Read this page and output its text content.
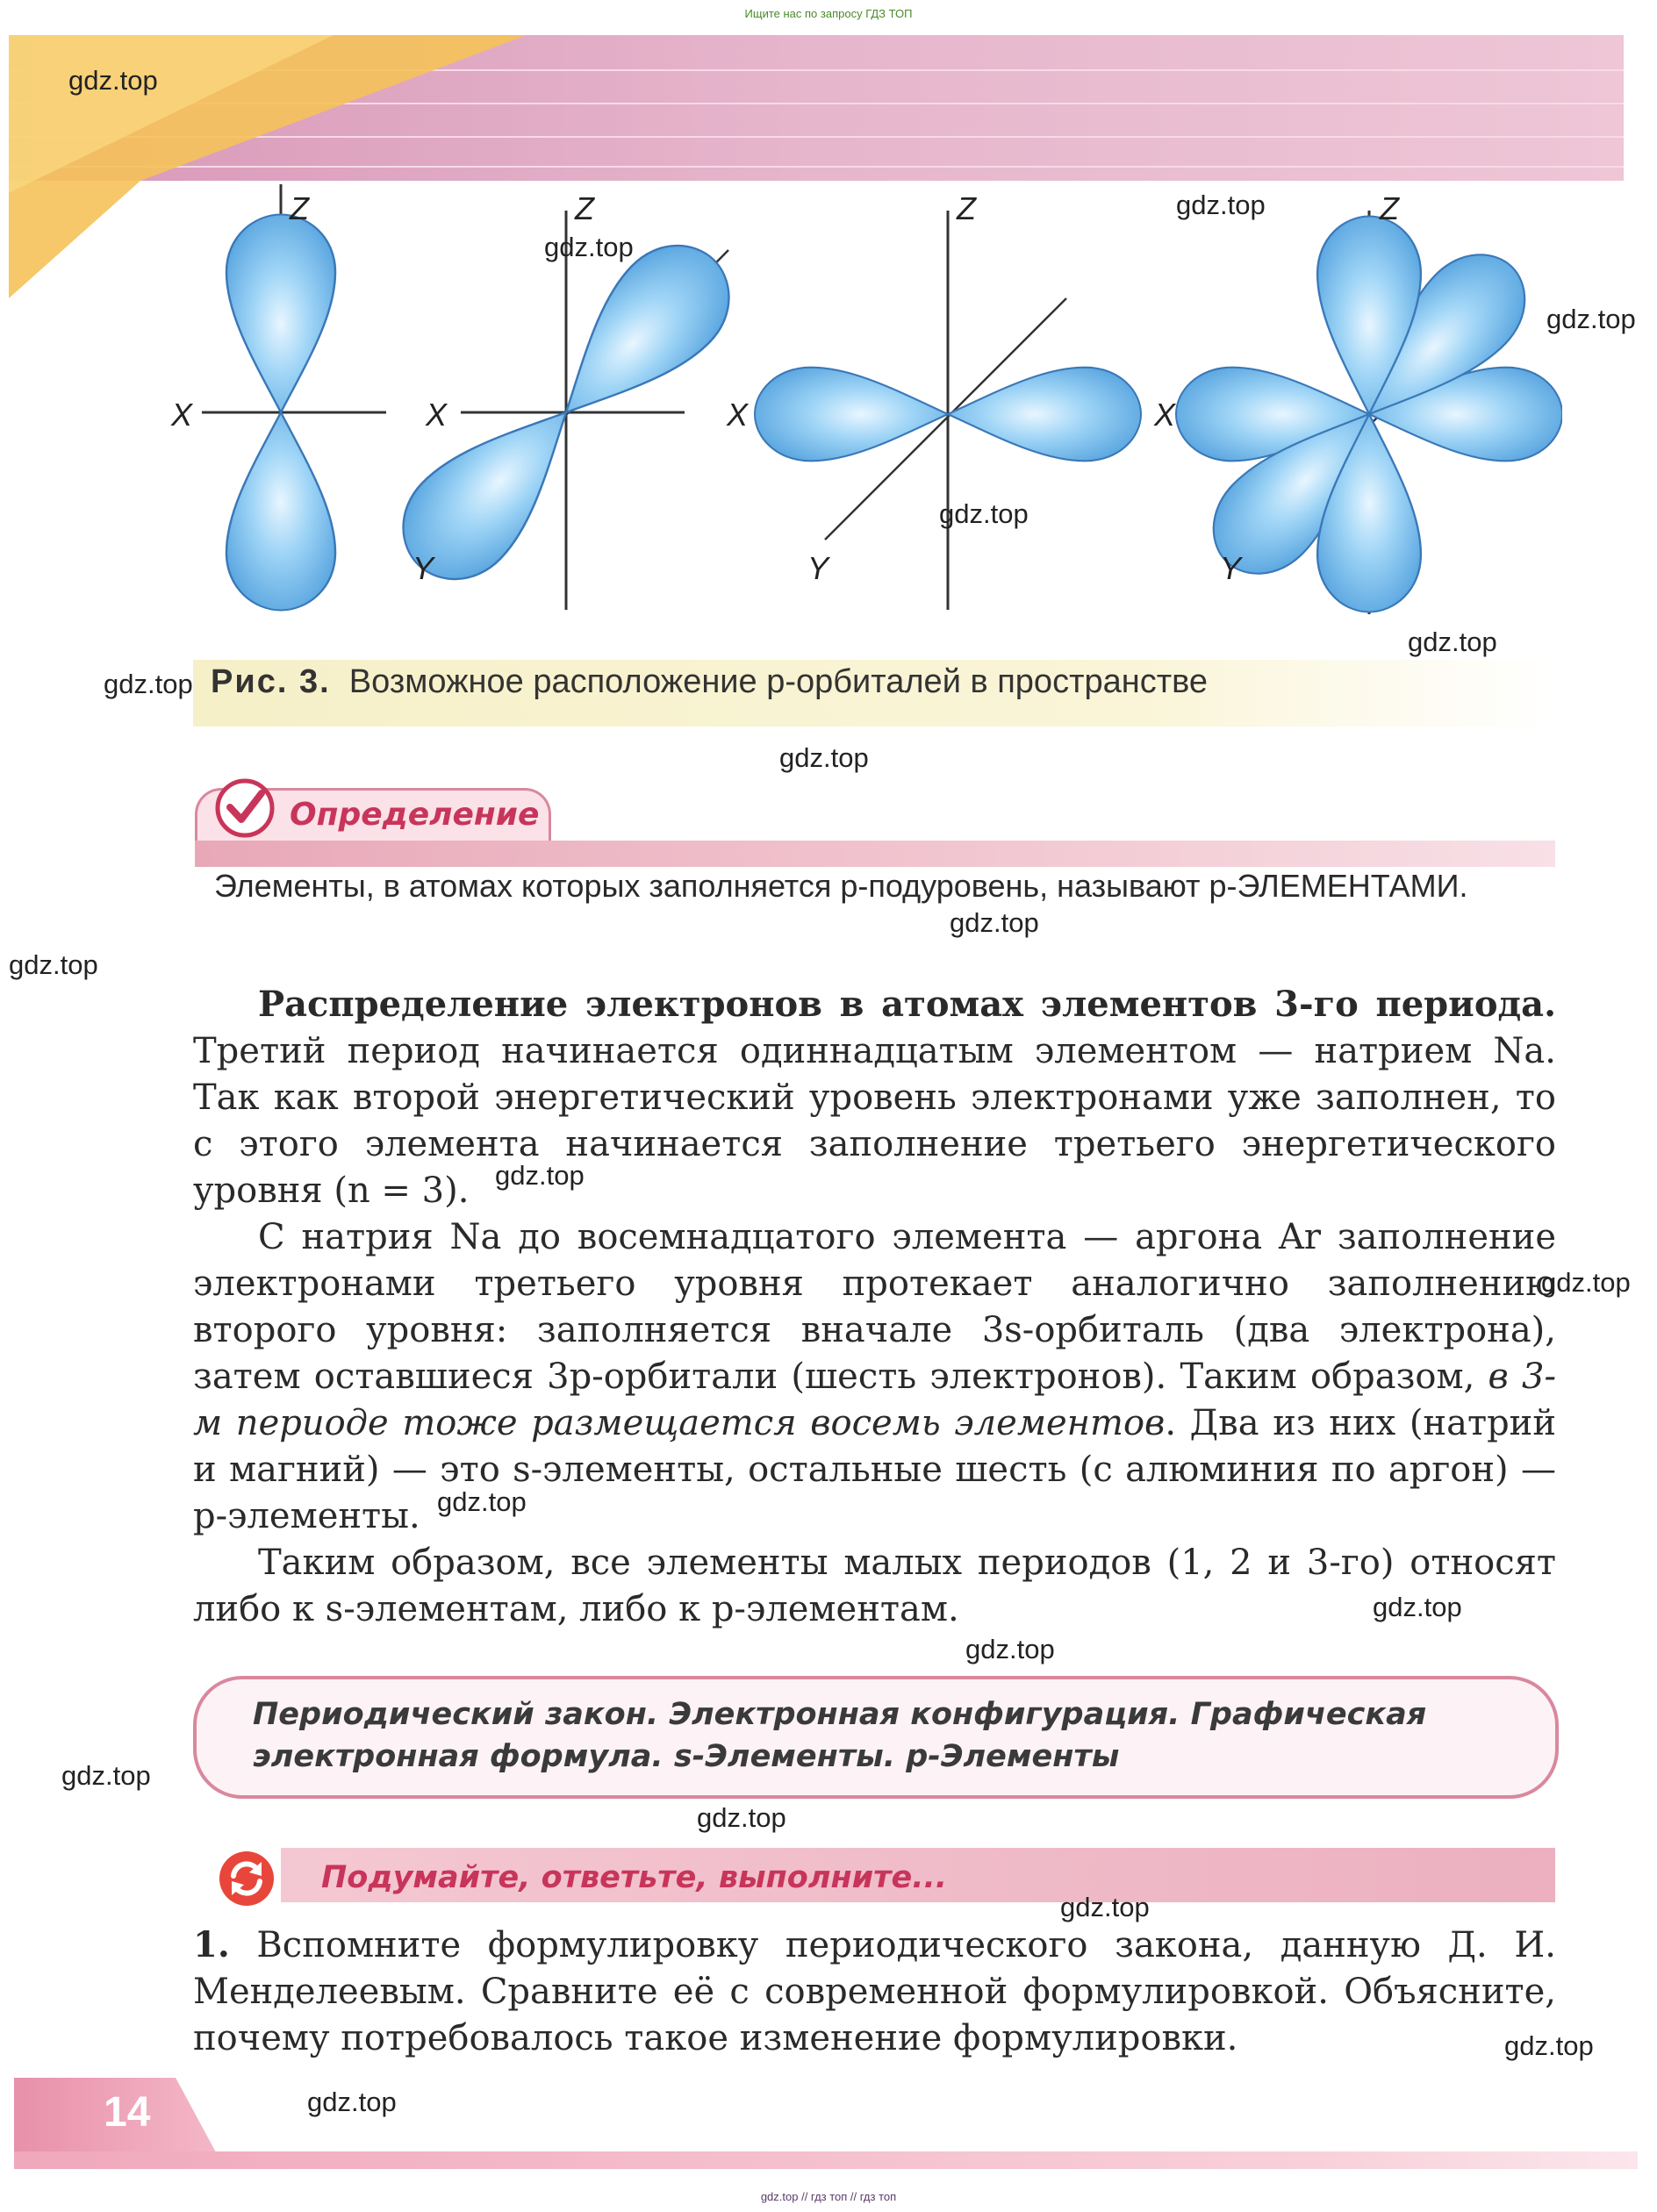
Ищите нас по запросу ГДЗ ТОП
Z
X
Z
X
Y
Z
X
Y
Z
X
Y
Рис. 3. Возможное расположение p-орбиталей в пространстве
Определение
Элементы, в атомах которых заполняется p-подуровень, называют p-ЭЛЕМЕНТАМИ.

Распределение электронов в атомах элементов 3-го периода. Третий период начинается одиннадцатым элементом — натрием Na. Так как второй энергетический уровень электронами уже заполнен, то с этого элемента начинается заполнение третьего энергетического уровня (n = 3).

С натрия Na до восемнадцатого элемента — аргона Ar заполнение электронами третьего уровня протекает аналогично заполнению второго уровня: заполняется вначале 3s-орбиталь (два электрона), затем оставшиеся 3p-орбитали (шесть электронов). Таким образом, в 3-м периоде тоже размещается восемь элементов. Два из них (натрий и магний) — это s-элементы, остальные шесть (с алюминия по аргон) — p-элементы.

Таким образом, все элементы малых периодов (1, 2 и 3-го) относят либо к s-элементам, либо к p-элементам.

Периодический закон. Электронная конфигурация. Графическая электронная формула. s-Элементы. p-Элементы
Подумайте, ответьте, выполните...
1. Вспомните формулировку периодического закона, данную Д. И. Менделеевым. Сравните её с современной формулировкой. Объясните, почему потребовалось такое изменение формулировки.
14
gdz.top // гдз топ // гдз топ
gdz.top
gdz.top
gdz.top
gdz.top
gdz.top
gdz.top
gdz.top
gdz.top
gdz.top
gdz.top
gdz.top
gdz.top
gdz.top
gdz.top
gdz.top
gdz.top
gdz.top
gdz.top
gdz.top
gdz.top
